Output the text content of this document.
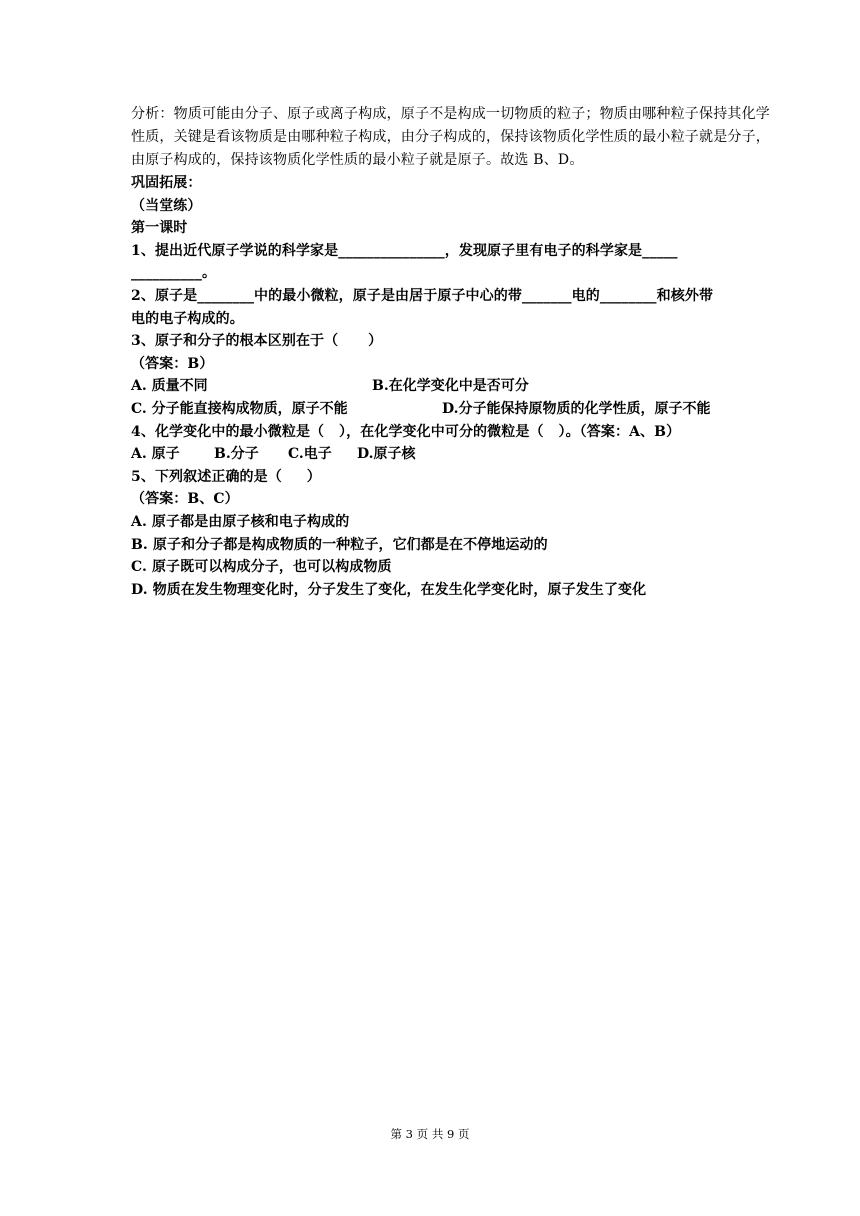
分析：物质可能由分子、原子或离子构成，原子不是构成一切物质的粒子；物质由哪种粒子保持其化学性质，关键是看该物质是由哪种粒子构成，由分子构成的，保持该物质化学性质的最小粒子就是分子，由原子构成的，保持该物质化学性质的最小粒子就是原子。故选 B、D。

巩固拓展：

（当堂练）

第一课时

1、提出近代原子学说的科学家是_______________，发现原子里有电子的科学家是_____

__________。

2、原子是________中的最小微粒，原子是由居于原子中心的带_______电的________和核外带

电的电子构成的。

3、原子和分子的根本区别在于（      ）

（答案：B）

A. 质量不同

	B.在化学变化中是否可分

C. 分子能直接构成物质，原子不能

	D.分子能保持原物质的化学性质，原子不能

4、化学变化中的最小微粒是（   ），在化学变化中可分的微粒是（   ）。（答案：A、B）

A. 原子

B.分子

C.电子

D.原子核

5、下列叙述正确的是（     ）

（答案：B、C）

A. 原子都是由原子核和电子构成的

B. 原子和分子都是构成物质的一种粒子，它们都是在不停地运动的

C. 原子既可以构成分子，也可以构成物质

D. 物质在发生物理变化时，分子发生了变化，在发生化学变化时，原子发生了变化

第 3 页 共 9 页
